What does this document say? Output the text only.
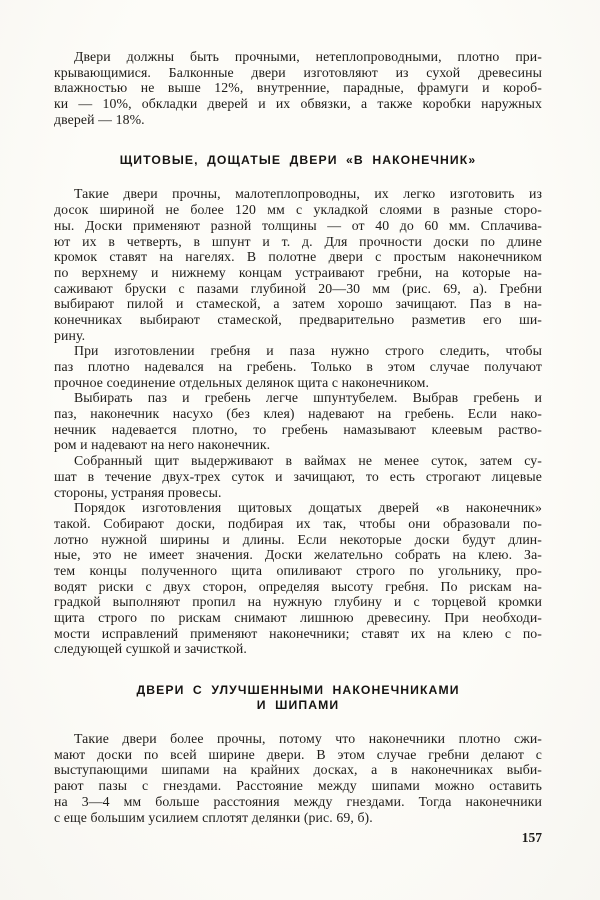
Двери должны быть прочными, нетеплопроводными, плотно при-
крывающимися. Балконные двери изготовляют из сухой древесины
влажностью не выше 12%, внутренние, парадные, фрамуги и короб-
ки — 10%, обкладки дверей и их обвязки, а также коробки наружных
дверей — 18%.
ЩИТОВЫЕ, ДОЩАТЫЕ ДВЕРИ «В НАКОНЕЧНИК»
Такие двери прочны, малотеплопроводны, их легко изготовить из
досок шириной не более 120 мм с укладкой слоями в разные сторо-
ны. Доски применяют разной толщины — от 40 до 60 мм. Сплачива-
ют их в четверть, в шпунт и т. д. Для прочности доски по длине
кромок ставят на нагелях. В полотне двери с простым наконечником
по верхнему и нижнему концам устраивают гребни, на которые на-
саживают бруски с пазами глубиной 20—30 мм (рис. 69, а). Гребни
выбирают пилой и стамеской, а затем хорошо зачищают. Паз в на-
конечниках выбирают стамеской, предварительно разметив его ши-
рину.
При изготовлении гребня и паза нужно строго следить, чтобы
паз плотно надевался на гребень. Только в этом случае получают
прочное соединение отдельных делянок щита с наконечником.
Выбирать паз и гребень легче шпунтубелем. Выбрав гребень и
паз, наконечник насухо (без клея) надевают на гребень. Если нако-
нечник надевается плотно, то гребень намазывают клеевым раство-
ром и надевают на него наконечник.
Собранный щит выдерживают в ваймах не менее суток, затем су-
шат в течение двух-трех суток и зачищают, то есть строгают лицевые
стороны, устраняя провесы.
Порядок изготовления щитовых дощатых дверей «в наконечник»
такой. Собирают доски, подбирая их так, чтобы они образовали по-
лотно нужной ширины и длины. Если некоторые доски будут длин-
ные, это не имеет значения. Доски желательно собрать на клею. За-
тем концы полученного щита опиливают строго по угольнику, про-
водят риски с двух сторон, определяя высоту гребня. По рискам на-
градкой выполняют пропил на нужную глубину и с торцевой кромки
щита строго по рискам снимают лишнюю древесину. При необходи-
мости исправлений применяют наконечники; ставят их на клею с по-
следующей сушкой и зачисткой.
ДВЕРИ С УЛУЧШЕННЫМИ НАКОНЕЧНИКАМИ
И ШИПАМИ
Такие двери более прочны, потому что наконечники плотно сжи-
мают доски по всей ширине двери. В этом случае гребни делают с
выступающими шипами на крайних досках, а в наконечниках выби-
рают пазы с гнездами. Расстояние между шипами можно оставить
на 3—4 мм больше расстояния между гнездами. Тогда наконечники
с еще большим усилием сплотят делянки (рис. 69, б).
157
